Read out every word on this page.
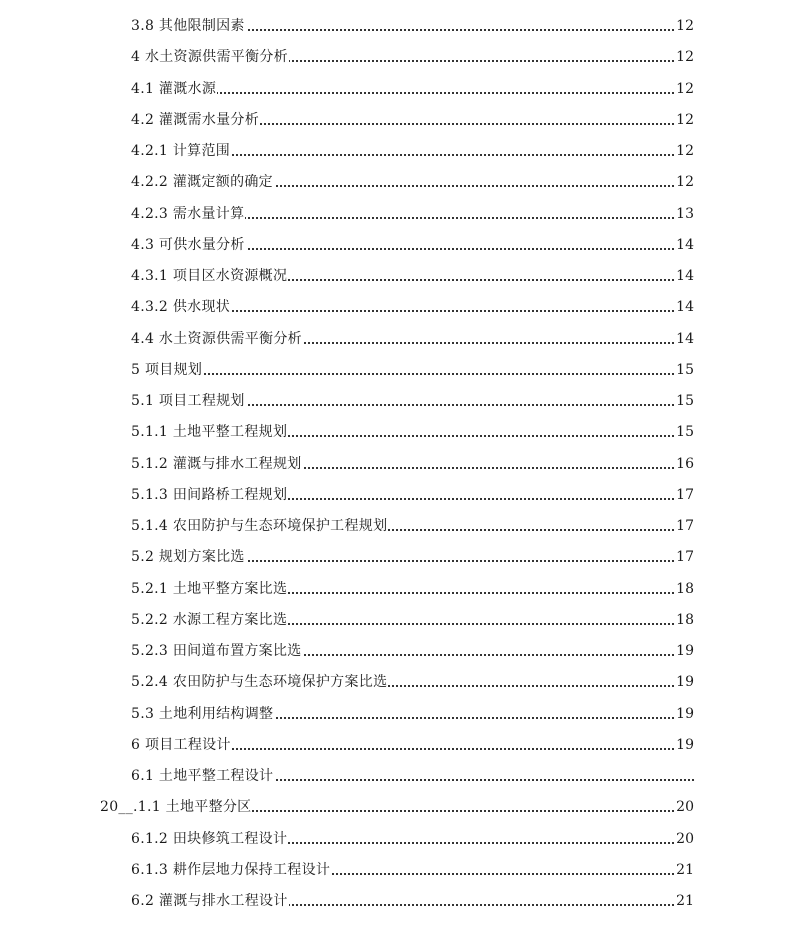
3.8 其他限制因素	12
4 水土资源供需平衡分析	12
4.1 灌溉水源	12
4.2 灌溉需水量分析	12
4.2.1 计算范围	12
4.2.2 灌溉定额的确定	12
4.2.3 需水量计算	13
4.3 可供水量分析	14
4.3.1 项目区水资源概况	14
4.3.2 供水现状	14
4.4 水土资源供需平衡分析	14
5 项目规划	15
5.1 项目工程规划	15
5.1.1 土地平整工程规划	15
5.1.2 灌溉与排水工程规划	16
5.1.3 田间路桥工程规划	17
5.1.4 农田防护与生态环境保护工程规划	17
5.2 规划方案比选	17
5.2.1 土地平整方案比选	18
5.2.2 水源工程方案比选	18
5.2.3 田间道布置方案比选	19
5.2.4 农田防护与生态环境保护方案比选	19
5.3 土地利用结构调整	19
6 项目工程设计	19
6.1 土地平整工程设计
20__.1.1 土地平整分区	20
6.1.2 田块修筑工程设计	20
6.1.3 耕作层地力保持工程设计	21
6.2 灌溉与排水工程设计	21
